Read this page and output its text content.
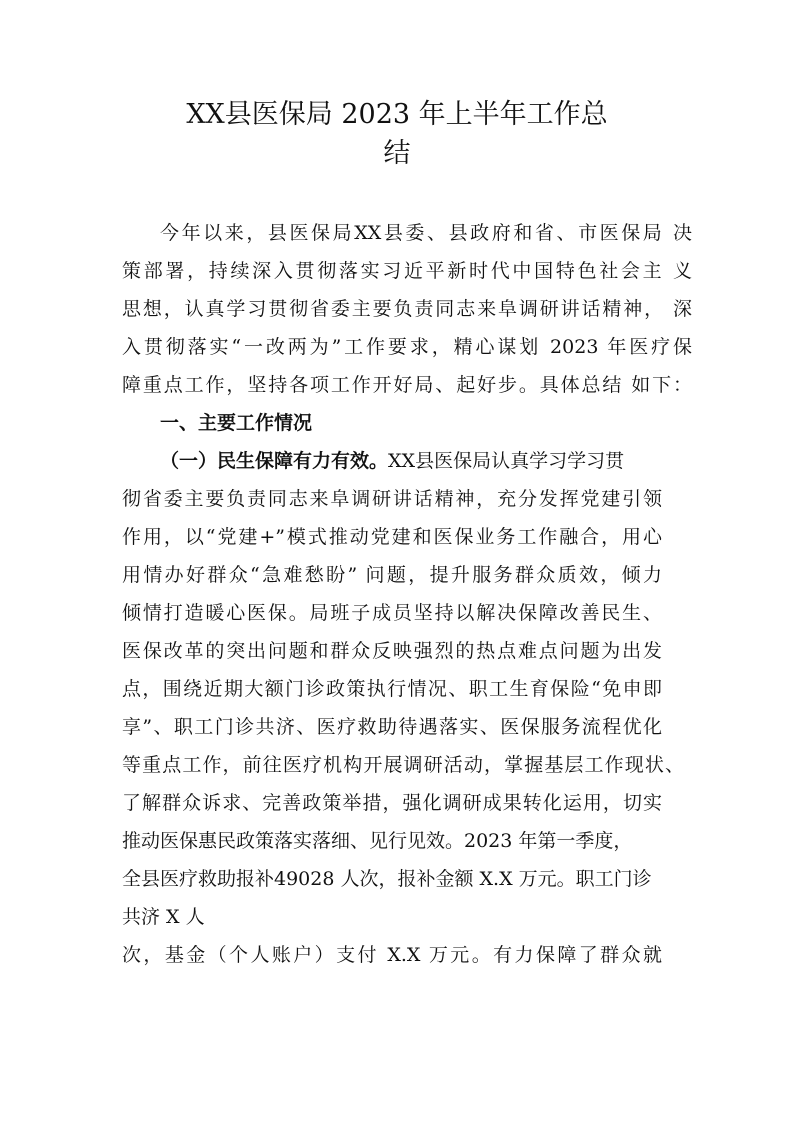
XX县医保局 2023 年上半年工作总
结
今年以来，县医保局XX县委、县政府和省、市医保局 决
策部署，持续深入贯彻落实习近平新时代中国特色社会主 义
思想，认真学习贯彻省委主要负责同志来阜调研讲话精神， 深
入贯彻落实“一改两为”工作要求，精心谋划 2023 年医疗保
障重点工作，坚持各项工作开好局、起好步。具体总结 如下：
一、主要工作情况
（一）民生保障有力有效。XX县医保局认真学习学习贯
彻省委主要负责同志来阜调研讲话精神，充分发挥党建引领
作用，以“党建+”模式推动党建和医保业务工作融合，用心
用情办好群众“急难愁盼” 问题，提升服务群众质效，倾力
倾情打造暖心医保。局班子成员坚持以解决保障改善民生、
医保改革的突出问题和群众反映强烈的热点难点问题为出发
点，围绕近期大额门诊政策执行情况、职工生育保险“免申即
享”、职工门诊共济、医疗救助待遇落实、医保服务流程优化
等重点工作，前往医疗机构开展调研活动，掌握基层工作现状、
了解群众诉求、完善政策举措，强化调研成果转化运用，切实
推动医保惠民政策落实落细、见行见效。2023 年第一季度，
全县医疗救助报补49028 人次，报补金额 X.X 万元。职工门诊
共济 X 人
次，基金（个人账户）支付 X.X 万元。有力保障了群众就
